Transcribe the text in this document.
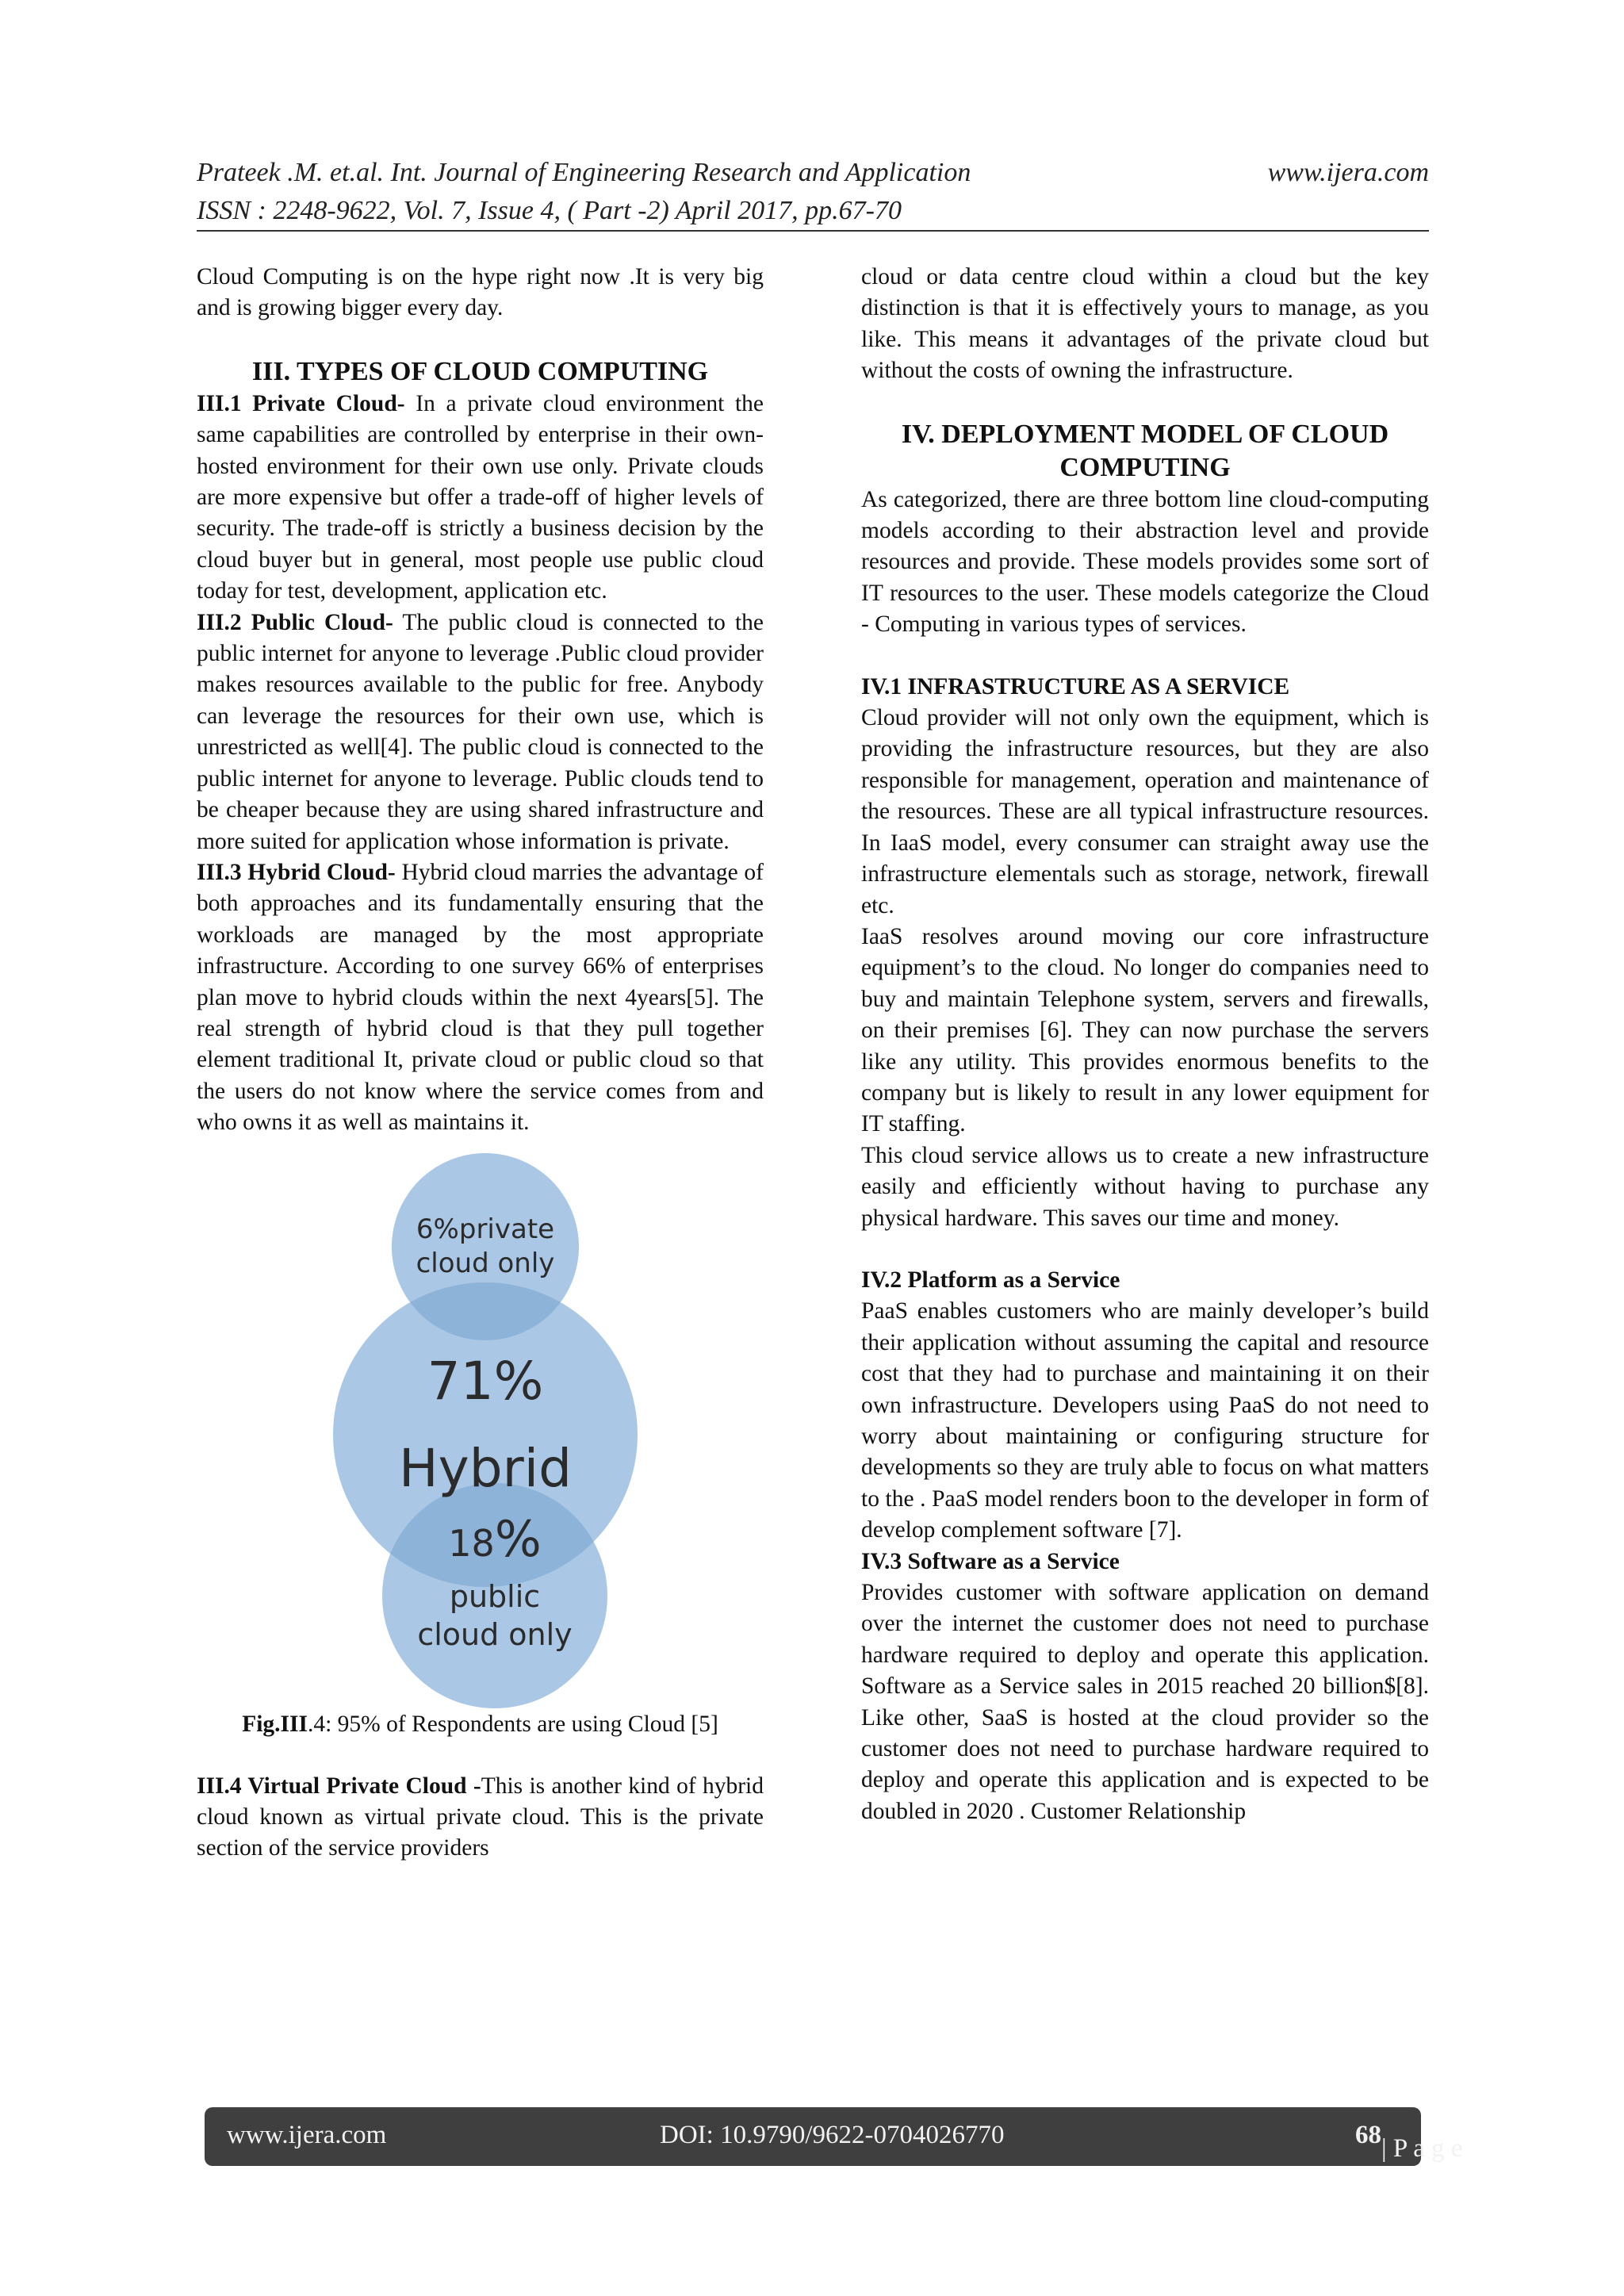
Prateek .M. et.al. Int. Journal of Engineering Research and Application	www.ijera.com
ISSN : 2248-9622, Vol. 7, Issue 4, ( Part -2) April 2017, pp.67-70

Cloud Computing is on the hype right now .It is very big and is growing bigger every day.

III. TYPES OF CLOUD COMPUTING

III.1 Private Cloud- In a private cloud environment the same capabilities are controlled by enterprise in their own-hosted environment for their own use only. Private clouds are more expensive but offer a trade-off of higher levels of security. The trade-off is strictly a business decision by the cloud buyer but in general, most people use public cloud today for test, development, application etc.

III.2 Public Cloud- The public cloud is connected to the public internet for anyone to leverage .Public cloud provider makes resources available to the public for free. Anybody can leverage the resources for their own use, which is unrestricted as well[4]. The public cloud is connected to the public internet for anyone to leverage. Public clouds tend to be cheaper because they are using shared infrastructure and more suited for application whose information is private.

III.3 Hybrid Cloud- Hybrid cloud marries the advantage of both approaches and its fundamentally ensuring that the workloads are managed by the most appropriate infrastructure. According to one survey 66% of enterprises plan move to hybrid clouds within the next 4years[5]. The real strength of hybrid cloud is that they pull together element traditional It, private cloud or public cloud so that the users do not know where the service comes from and who owns it as well as maintains it.

6%private
cloud only
71%
Hybrid
18%
public
cloud only

Fig.III.4: 95% of Respondents are using Cloud [5]

III.4 Virtual Private Cloud -This is another kind of hybrid cloud known as virtual private cloud. This is the private section of the service providers

cloud or data centre cloud within a cloud but the key distinction is that it is effectively yours to manage, as you like. This means it advantages of the private cloud but without the costs of owning the infrastructure.

IV. DEPLOYMENT MODEL OF CLOUD

COMPUTING

As categorized, there are three bottom line cloud-computing models according to their abstraction level and provide resources and provide. These models provides some sort of IT resources to the user. These models categorize the Cloud - Computing in various types of services.

IV.1 INFRASTRUCTURE AS A SERVICE

Cloud provider will not only own the equipment, which is providing the infrastructure resources, but they are also responsible for management, operation and maintenance of the resources. These are all typical infrastructure resources. In IaaS model, every consumer can straight away use the infrastructure elementals such as storage, network, firewall etc.

IaaS resolves around moving our core infrastructure equipment’s to the cloud. No longer do companies need to buy and maintain Telephone system, servers and firewalls, on their premises [6]. They can now purchase the servers like any utility. This provides enormous benefits to the company but is likely to result in any lower equipment for IT staffing.

This cloud service allows us to create a new infrastructure easily and efficiently without having to purchase any physical hardware. This saves our time and money.

IV.2 Platform as a Service

PaaS enables customers who are mainly developer’s build their application without assuming the capital and resource cost that they had to purchase and maintaining it on their own infrastructure. Developers using PaaS do not need to worry about maintaining or configuring structure for developments so they are truly able to focus on what matters to the . PaaS model renders boon to the developer in form of develop complement software [7].

IV.3 Software as a Service

Provides customer with software application on demand over the internet the customer does not need to purchase hardware required to deploy and operate this application. Software as a Service sales in 2015 reached 20 billion$[8]. Like other, SaaS is hosted at the cloud provider so the customer does not need to purchase hardware required to deploy and operate this application and is expected to be doubled in 2020 . Customer Relationship

www.ijera.com	DOI: 10.9790/9622-0704026770	68 | P a g e
